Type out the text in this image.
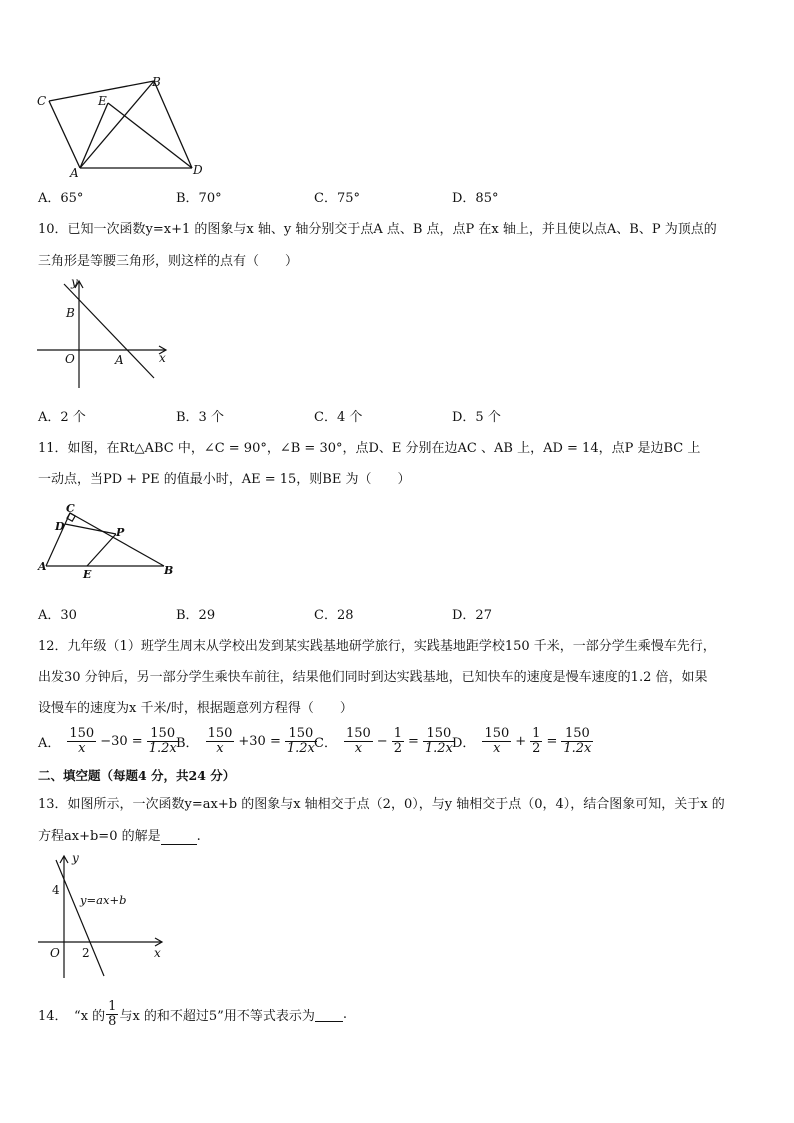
C
B
E
A	D
A．65°	B．70°	C．75°	D．85°
10．已知一次函数y=x+1 的图象与x 轴、y 轴分别交于点A 点、B 点，点P 在x 轴上，并且使以点A、B、P 为顶点的
三角形是等腰三角形，则这样的点有（　　）
y
x
B
O	A
A．2 个	B．3 个	C．4 个	D．5 个
11．如图，在Rt△ABC 中，∠C = 90°，∠B = 30°，点D、E 分别在边AC 、AB 上，AD = 14，点P 是边BC 上
一动点，当PD + PE 的值最小时，AE = 15，则BE 为（　　）
C
D	P
A
E	B
A．30	B．29	C．28	D．27
12．九年级（1）班学生周末从学校出发到某实践基地研学旅行，实践基地距学校150 千米，一部分学生乘慢车先行，
出发30 分钟后，另一部分学生乘快车前往，结果他们同时到达实践基地，已知快车的速度是慢车速度的1.2 倍，如果
设慢车的速度为x 千米/时，根据题意列方程得（　　）
A． $\frac{150}{x} -30 = \frac{150}{1.2x}$
B． $\frac{150}{x} +30 = \frac{150}{1.2x}$
C． $\frac{150}{x} - \frac{1}{2} = \frac{150}{1.2x}$
D． $\frac{150}{x} + \frac{1}{2} = \frac{150}{1.2x}$
二、填空题（每题4 分，共24 分）
13．如图所示，一次函数y=ax+b 的图象与x 轴相交于点（2，0），与y 轴相交于点（0，4），结合图象可知，关于x 的
方程ax+b=0 的解是	.
y
4
y=ax+b
O 2	x
14．　“x 的 $\frac{1}{8}$ 与x 的和不超过5”用不等式表示为
.
